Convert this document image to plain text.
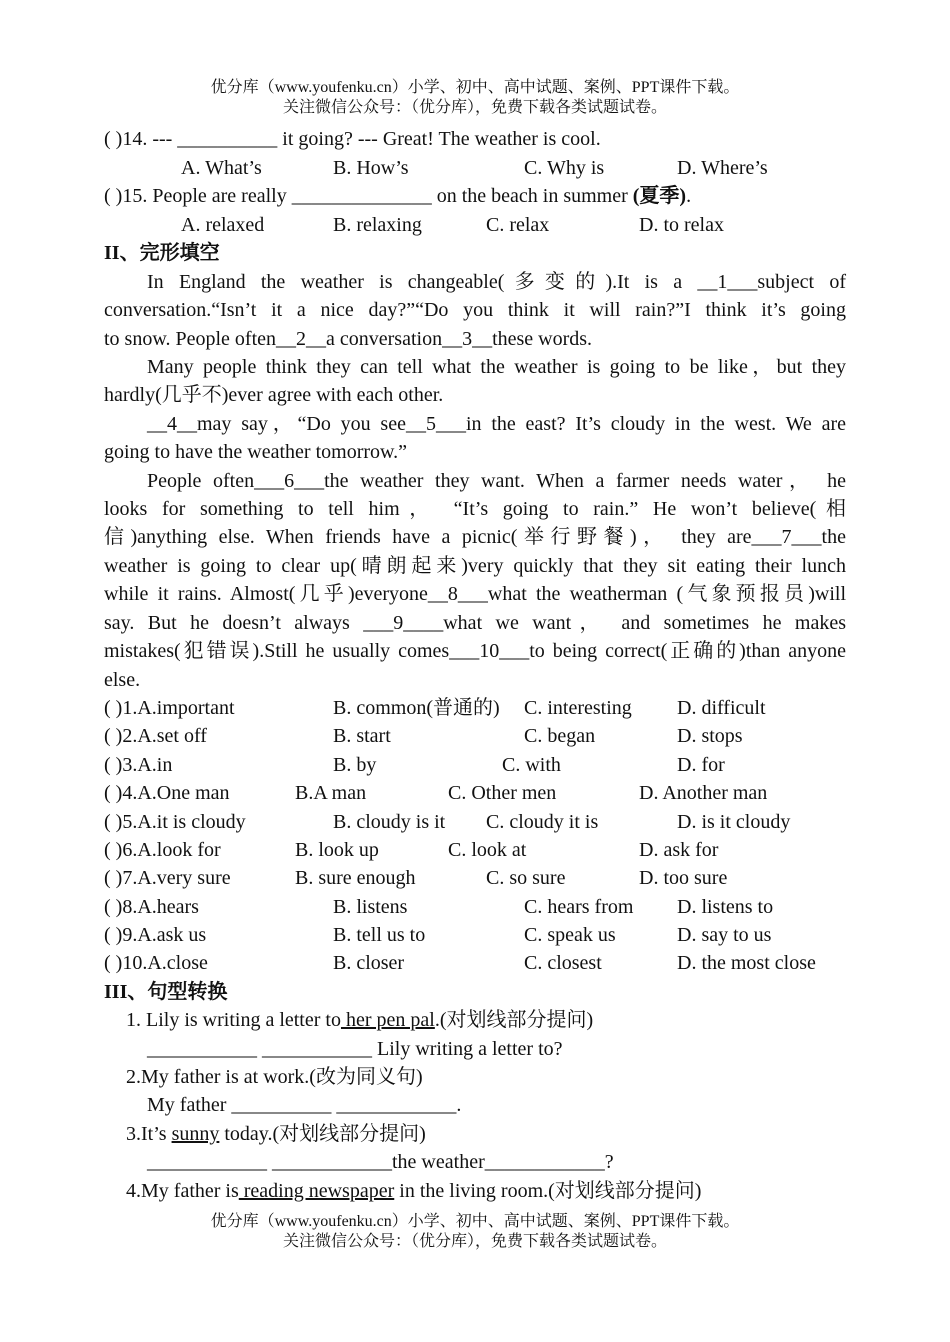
优分库（www.youfenku.cn）小学、初中、高中试题、案例、PPT课件下载。
关注微信公众号：（优分库），免费下载各类试题试卷。
( )14. --- __________ it going? --- Great! The weather is cool.
A. What’s	B. How’s	C. Why is	D. Where’s
( )15. People are really ______________ on the beach in summer (夏季).
A. relaxed	B. relaxing	C. relax	D. to relax
II、完形填空
In England the weather is changeable(多变的).It is a __1___subject of
conversation.“Isn’t it a nice day?”“Do you think it will rain?”I think it’s going
to snow. People often__2__a conversation__3__these words.
Many people think they can tell what the weather is going to be like，but they
hardly(几乎不)ever agree with each other.
__4__may say，“Do you see__5___in the east? It’s cloudy in the west. We are
going to have the weather tomorrow.”
People often___6___the weather they want. When a farmer needs water， he
looks for something to tell him， “It’s going to rain.” He won’t believe(相
信)anything else. When friends have a picnic(举行野餐)， they are___7___the
weather is going to clear up(晴朗起来)very quickly that they sit eating their lunch
while it rains. Almost(几乎)everyone__8___what the weatherman (气象预报员)will
say. But he doesn’t always ___9____what we want， and sometimes he makes
mistakes(犯错误).Still he usually comes___10___to being correct(正确的)than anyone
else.
( )1.A.important	B. common(普通的) C. interesting D. difficult
( )2.A.set off	B. start	C. began	D. stops
( )3.A.in	B. by	C. with	D. for
( )4.A.One man	B.A man	C. Other men	D. Another man
( )5.A.it is cloudy	B. cloudy is it C. cloudy it is	D. is it cloudy
( )6.A.look for	B. look up	C. look at	D. ask for
( )7.A.very sure	B. sure enough	C. so sure	D. too sure
( )8.A.hears	B. listens	C. hears from D. listens to
( )9.A.ask us	B. tell us to	C. speak us	D. say to us
( )10.A.close	B. closer	C. closest	D. the most close
III、句型转换
1. Lily is writing a letter to her pen pal.(对划线部分提问)
___________ ___________ Lily writing a letter to?
2.My father is at work.(改为同义句)
My father __________ ____________.
3.It’s sunny today.(对划线部分提问)
____________ ____________the weather____________?
4.My father is reading newspaper in the living room.(对划线部分提问)
优分库（www.youfenku.cn）小学、初中、高中试题、案例、PPT课件下载。
关注微信公众号：（优分库），免费下载各类试题试卷。
